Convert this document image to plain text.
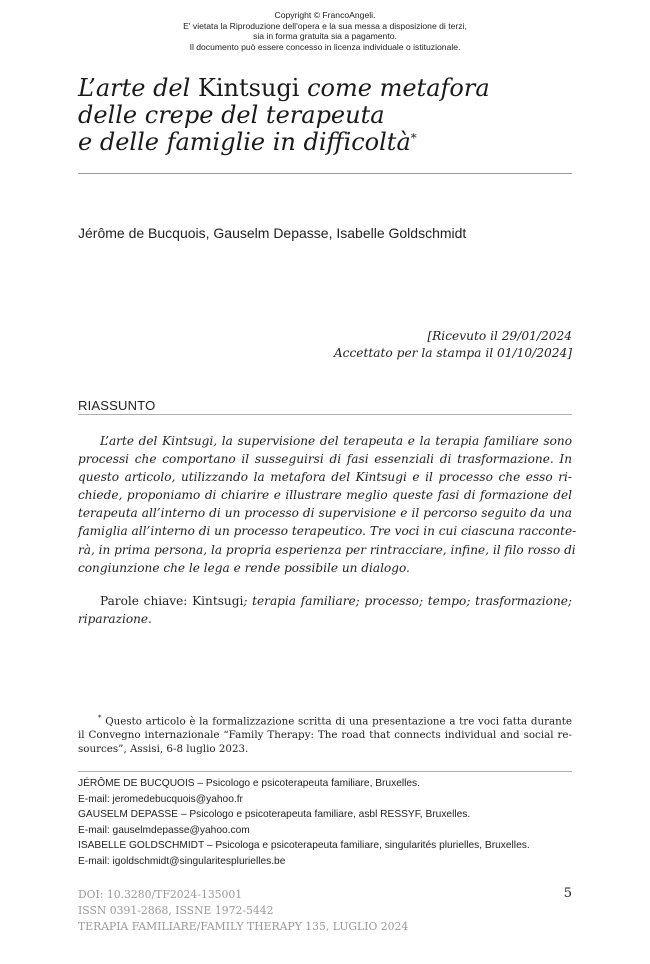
Copyright © FrancoAngeli.
E' vietata la Riproduzione dell'opera e la sua messa a disposizione di terzi,
sia in forma gratuita sia a pagamento.
Il documento può essere concesso in licenza individuale o istituzionale.
L’arte del Kintsugi come metafora
delle crepe del terapeuta
e delle famiglie in difficoltà*
Jérôme de Bucquois, Gauselm Depasse, Isabelle Goldschmidt
[Ricevuto il 29/01/2024
Accettato per la stampa il 01/10/2024]
RIASSUNTO
L’arte del Kintsugi, la supervisione del terapeuta e la terapia familiare sono
processi che comportano il susseguirsi di fasi essenziali di trasformazione. In
questo articolo, utilizzando la metafora del Kintsugi e il processo che esso ri-
chiede, proponiamo di chiarire e illustrare meglio queste fasi di formazione del
terapeuta all’interno di un processo di supervisione e il percorso seguito da una
famiglia all’interno di un processo terapeutico. Tre voci in cui ciascuna racconte-
rà, in prima persona, la propria esperienza per rintracciare, infine, il filo rosso di
congiunzione che le lega e rende possibile un dialogo.
Parole chiave: Kintsugi; terapia familiare; processo; tempo; trasformazione;
riparazione.
* Questo articolo è la formalizzazione scritta di una presentazione a tre voci fatta durante
il Convegno internazionale “Family Therapy: The road that connects individual and social re-
sources”, Assisi, 6-8 luglio 2023.
JÉRÔME DE BUCQUOIS – Psicologo e psicoterapeuta familiare, Bruxelles.
E-mail: jeromedebucquois@yahoo.fr
GAUSELM DEPASSE – Psicologo e psicoterapeuta familiare, asbl RESSYF, Bruxelles.
E-mail: gauselmdepasse@yahoo.com
ISABELLE GOLDSCHMIDT – Psicologa e psicoterapeuta familiare, singularités plurielles, Bruxelles.
E-mail: igoldschmidt@singularitesplurielles.be
DOI: 10.3280/TF2024-135001
ISSN 0391-2868, ISSNE 1972-5442
TERAPIA FAMILIARE/FAMILY THERAPY 135, LUGLIO 2024
5
